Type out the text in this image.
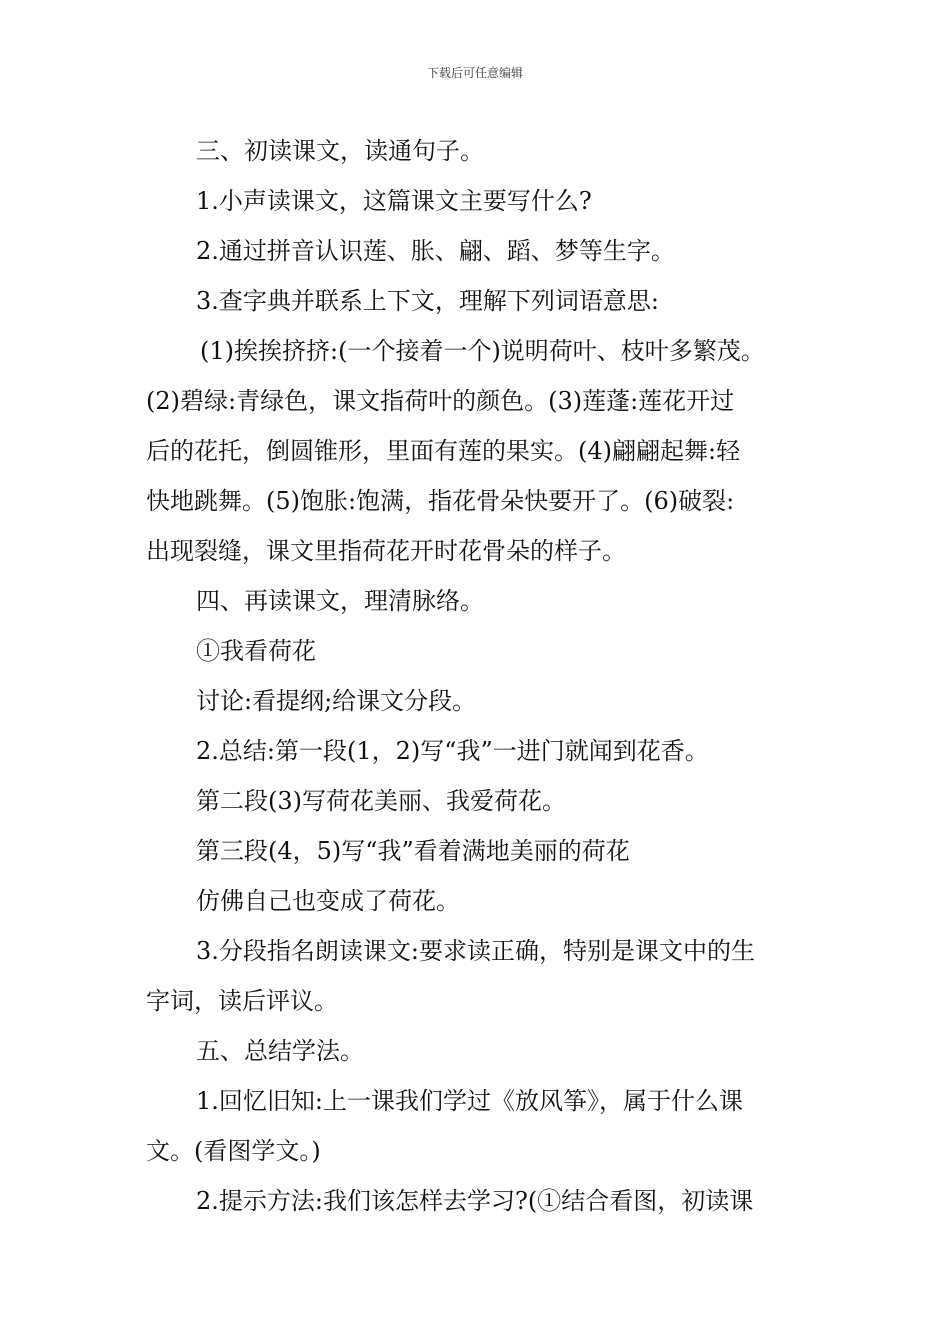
下载后可任意编辑
三、初读课文，读通句子。
1.小声读课文，这篇课文主要写什么?
2.通过拼音认识莲、胀、翩、蹈、梦等生字。
3.查字典并联系上下文，理解下列词语意思:
(1)挨挨挤挤:(一个接着一个)说明荷叶、枝叶多繁茂。
(2)碧绿:青绿色，课文指荷叶的颜色。(3)莲蓬:莲花开过
后的花托，倒圆锥形，里面有莲的果实。(4)翩翩起舞:轻
快地跳舞。(5)饱胀:饱满，指花骨朵快要开了。(6)破裂:
出现裂缝，课文里指荷花开时花骨朵的样子。
四、再读课文，理清脉络。
①我看荷花
讨论:看提纲;给课文分段。
2.总结:第一段(1，2)写“我”一进门就闻到花香。
第二段(3)写荷花美丽、我爱荷花。
第三段(4，5)写“我”看着满地美丽的荷花
仿佛自己也变成了荷花。
3.分段指名朗读课文:要求读正确，特别是课文中的生
字词，读后评议。
五、总结学法。
1.回忆旧知:上一课我们学过《放风筝》，属于什么课
文。(看图学文。)
2.提示方法:我们该怎样去学习?(①结合看图，初读课
